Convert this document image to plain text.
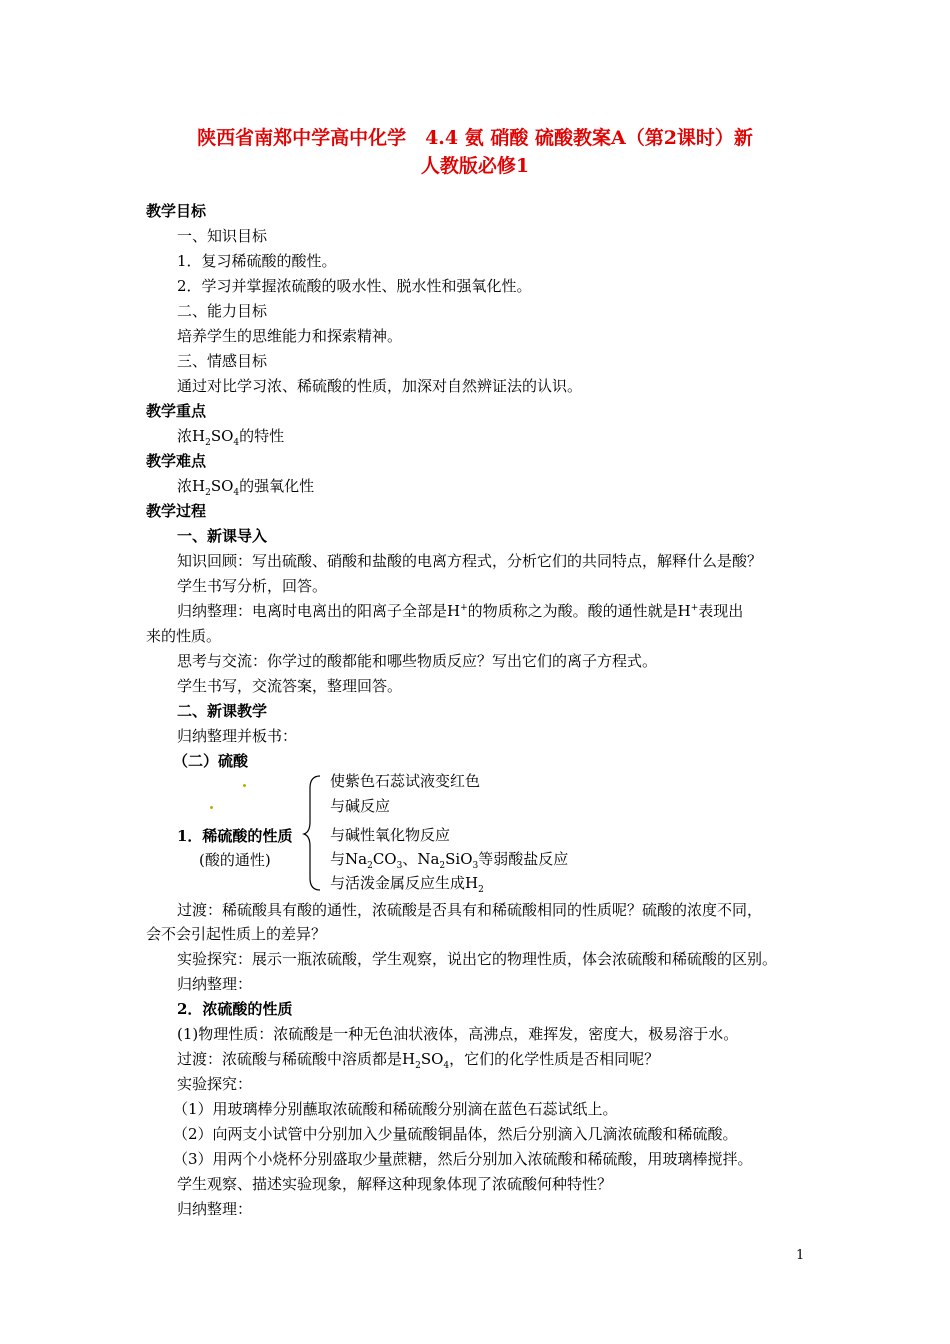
陕西省南郑中学高中化学　4.4 氨 硝酸 硫酸教案A（第2课时）新
人教版必修1
教学目标
一、知识目标
1．复习稀硫酸的酸性。
2．学习并掌握浓硫酸的吸水性、脱水性和强氧化性。
二、能力目标
培养学生的思维能力和探索精神。
三、情感目标
通过对比学习浓、稀硫酸的性质，加深对自然辨证法的认识。
教学重点
浓$H_2SO_4$的特性
教学难点
浓$H_2SO_4$的强氧化性
教学过程
一、新课导入
知识回顾：写出硫酸、硝酸和盐酸的电离方程式，分析它们的共同特点，解释什么是酸？
学生书写分析，回答。
归纳整理：电离时电离出的阳离子全部是H+的物质称之为酸。酸的通性就是H+表现出
来的性质。
思考与交流：你学过的酸都能和哪些物质反应？写出它们的离子方程式。
学生书写，交流答案，整理回答。
二、新课教学
归纳整理并板书：
（二）硫酸
1．稀硫酸的性质
(酸的通性)
使紫色石蕊试液变红色
与碱反应
与碱性氧化物反应
与$Na_2CO_3$、$Na_2SiO_3$等弱酸盐反应
与活泼金属反应生成$H_2$
过渡：稀硫酸具有酸的通性，浓硫酸是否具有和稀硫酸相同的性质呢？硫酸的浓度不同，
会不会引起性质上的差异？
实验探究：展示一瓶浓硫酸，学生观察，说出它的物理性质，体会浓硫酸和稀硫酸的区别。
归纳整理：
2．浓硫酸的性质
(1)物理性质：浓硫酸是一种无色油状液体，高沸点，难挥发，密度大，极易溶于水。
过渡：浓硫酸与稀硫酸中溶质都是$H_2SO_4$，它们的化学性质是否相同呢？
实验探究：
（1）用玻璃棒分别蘸取浓硫酸和稀硫酸分别滴在蓝色石蕊试纸上。
（2）向两支小试管中分别加入少量硫酸铜晶体，然后分别滴入几滴浓硫酸和稀硫酸。
（3）用两个小烧杯分别盛取少量蔗糖，然后分别加入浓硫酸和稀硫酸，用玻璃棒搅拌。
学生观察、描述实验现象，解释这种现象体现了浓硫酸何种特性？
归纳整理：
1
